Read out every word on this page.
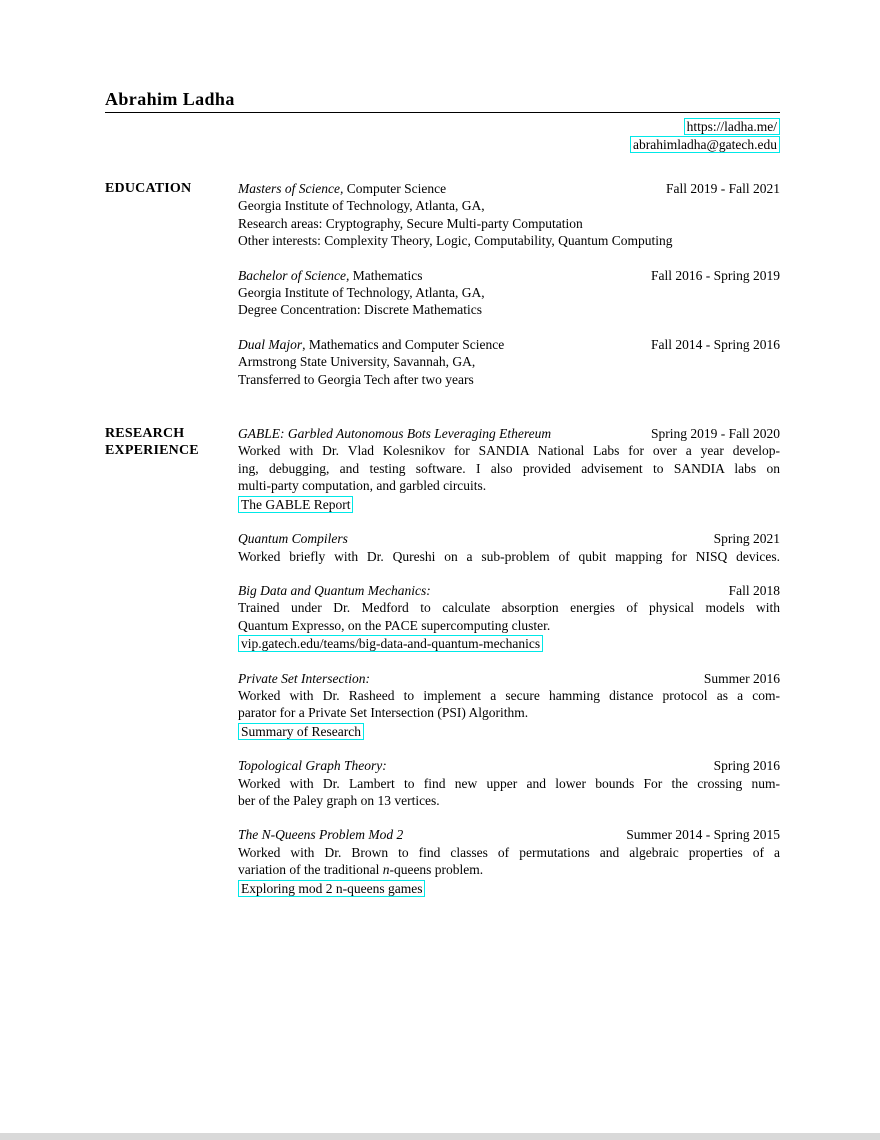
Abrahim Ladha
https://ladha.me/
abrahimladha@gatech.edu
EDUCATION	Masters of Science, Computer Science	Fall 2019 - Fall 2021
Georgia Institute of Technology, Atlanta, GA,
Research areas: Cryptography, Secure Multi-party Computation
Other interests: Complexity Theory, Logic, Computability, Quantum Computing
Bachelor of Science, Mathematics	Fall 2016 - Spring 2019
Georgia Institute of Technology, Atlanta, GA,
Degree Concentration: Discrete Mathematics
Dual Major, Mathematics and Computer Science	Fall 2014 - Spring 2016
Armstrong State University, Savannah, GA,
Transferred to Georgia Tech after two years
RESEARCH
EXPERIENCE
GABLE: Garbled Autonomous Bots Leveraging Ethereum	Spring 2019 - Fall 2020
Worked with Dr. Vlad Kolesnikov for SANDIA National Labs for over a year develop-
ing, debugging, and testing software. I also provided advisement to SANDIA labs on
multi-party computation, and garbled circuits.
The GABLE Report
Quantum Compilers	Spring 2021
Worked briefly with Dr. Qureshi on a sub-problem of qubit mapping for NISQ devices.
Big Data and Quantum Mechanics:	Fall 2018
Trained under Dr. Medford to calculate absorption energies of physical models with
Quantum Expresso, on the PACE supercomputing cluster.
vip.gatech.edu/teams/big-data-and-quantum-mechanics
Private Set Intersection:	Summer 2016
Worked with Dr. Rasheed to implement a secure hamming distance protocol as a com-
parator for a Private Set Intersection (PSI) Algorithm.
Summary of Research
Topological Graph Theory:	Spring 2016
Worked with Dr. Lambert to find new upper and lower bounds For the crossing num-
ber of the Paley graph on 13 vertices.
The N-Queens Problem Mod 2	Summer 2014 - Spring 2015
Worked with Dr. Brown to find classes of permutations and algebraic properties of a
variation of the traditional n-queens problem.
Exploring mod 2 n-queens games
